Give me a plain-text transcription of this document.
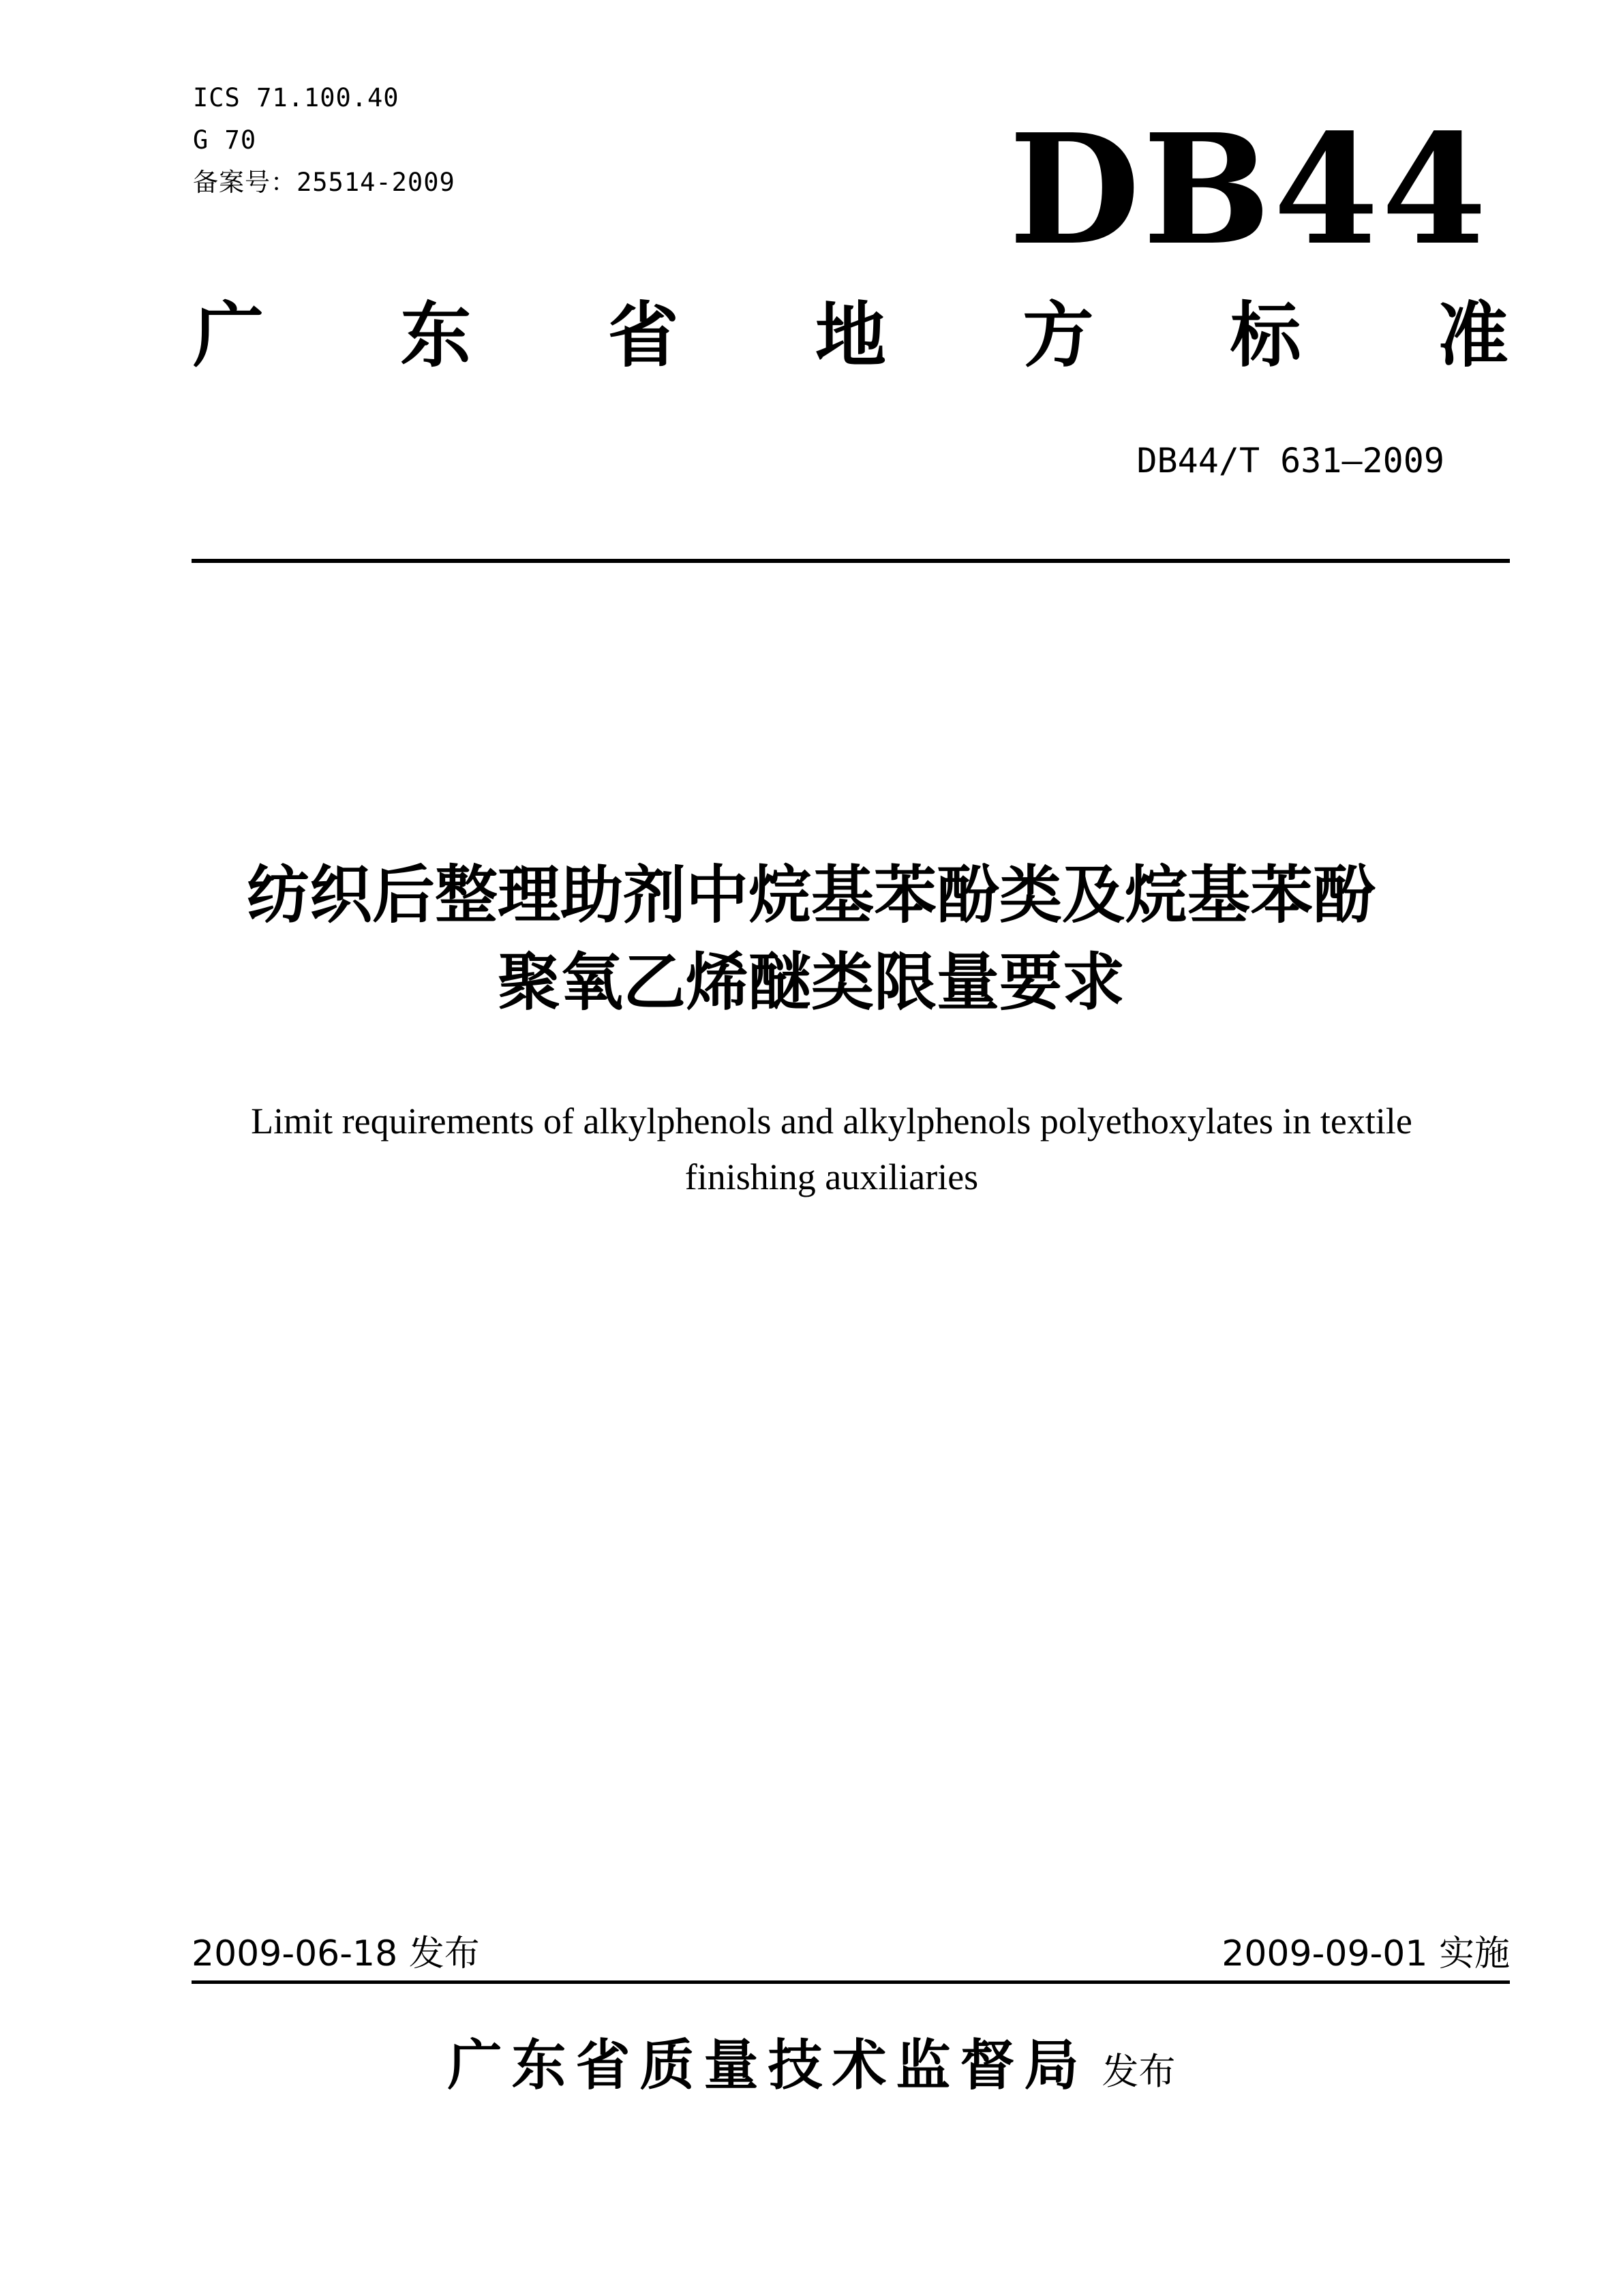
ICS 71.100.40
G 70
备案号：25514-2009	DB44
广 东 省 地 方 标 准
DB44/T 631—2009
纺织后整理助剂中烷基苯酚类及烷基苯酚
聚氧乙烯醚类限量要求
Limit requirements of alkylphenols and alkylphenols polyethoxylates in textile
finishing auxiliaries
2009-06-18 发布	2009-09-01 实施
广东省质量技术监督局 发布
